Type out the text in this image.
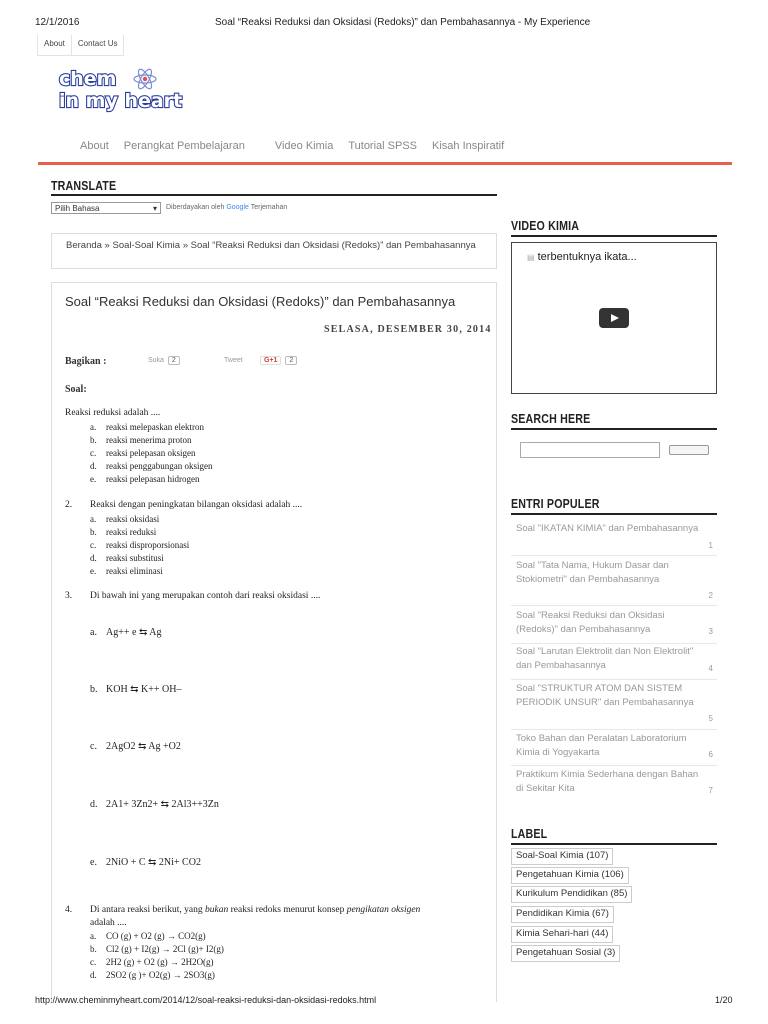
12/1/2016	Soal “Reaksi Reduksi dan Oksidasi (Redoks)” dan Pembahasannya - My Experience
About	Contact Us
chem
in my heart
About Perangkat Pembelajaran	Video Kimia Tutorial SPSS Kisah Inspiratif
TRANSLATE
Pilih Bahasa	▾ Diberdayakan oleh Google Terjemahan
Beranda » Soal-Soal Kimia » Soal “Reaksi Reduksi dan Oksidasi (Redoks)” dan Pembahasannya
Soal “Reaksi Reduksi dan Oksidasi (Redoks)” dan Pembahasannya
SELASA, DESEMBER 30, 2014
Bagikan :	Suka 2	Tweet	G+1 2
Soal:
Reaksi reduksi adalah ....
a. reaksi melepaskan elektron
b. reaksi menerima proton
c. reaksi pelepasan oksigen
d. reaksi penggabungan oksigen
e. reaksi pelepasan hidrogen
2. Reaksi dengan peningkatan bilangan oksidasi adalah ....
a. reaksi oksidasi
b. reaksi reduksi
c. reaksi disproporsionasi
d. reaksi substitusi
e. reaksi eliminasi
3. Di bawah ini yang merupakan contoh dari reaksi oksidasi ....
a. Ag++ e ⇆ Ag
b. KOH ⇆ K++ OH–
c. 2AgO2 ⇆ Ag +O2
d. 2A1+ 3Zn2+ ⇆ 2Al3++3Zn
e. 2NiO + C ⇆ 2Ni+ CO2
4. Di antara reaksi berikut, yang bukan reaksi redoks menurut konsep pengikatan oksigen
adalah ....
a. CO (g) + O2 (g) → CO2(g)
b. Cl2 (g) + I2(g) → 2Cl (g)+ I2(g)
c. 2H2 (g) + O2 (g) → 2H2O(g)
d. 2SO2 (g )+ O2(g) → 2SO3(g)
VIDEO KIMIA
▤ terbentuknya ikata...
SEARCH HERE
ENTRI POPULER
Soal "IKATAN KIMIA" dan Pembahasannya
1
Soal "Tata Nama, Hukum Dasar dan Stokiometri" dan Pembahasannya
2
Soal "Reaksi Reduksi dan Oksidasi (Redoks)" dan Pembahasannya	3
Soal "Larutan Elektrolit dan Non Elektrolit" dan Pembahasannya	4
Soal "STRUKTUR ATOM DAN SISTEM PERIODIK UNSUR" dan Pembahasannya
5
Toko Bahan dan Peralatan Laboratorium Kimia di Yogyakarta	6
Praktikum Kimia Sederhana dengan Bahan di Sekitar Kita	7
LABEL
Soal-Soal Kimia (107)
Pengetahuan Kimia (106)
Kurikulum Pendidikan (85)
Pendidikan Kimia (67)
Kimia Sehari-hari (44)
Pengetahuan Sosial (3)
http://www.cheminmyheart.com/2014/12/soal-reaksi-reduksi-dan-oksidasi-redoks.html	1/20
